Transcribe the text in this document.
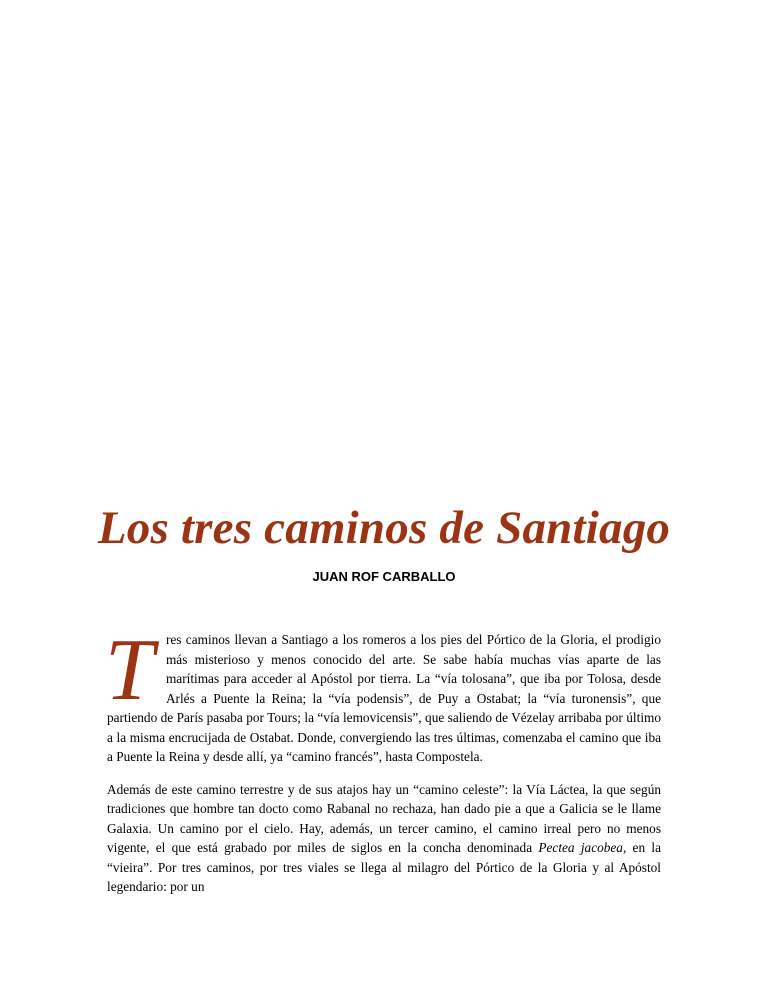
Los tres caminos de Santiago
JUAN ROF CARBALLO

Tres caminos llevan a Santiago a los romeros a los pies del Pórtico de la Gloria, el prodigio más misterioso y menos conocido del arte. Se sabe había muchas vías aparte de las marítimas para acceder al Apóstol por tierra. La “vía tolosana”, que iba por Tolosa, desde Arlés a Puente la Reina; la “vía podensis”, de Puy a Ostabat; la “vía turonensis”, que partiendo de París pasaba por Tours; la “vía lemovicensis”, que saliendo de Vézelay arribaba por último a la misma encrucijada de Ostabat. Donde, convergiendo las tres últimas, comenzaba el camino que iba a Puente la Reina y desde allí, ya “camino francés”, hasta Compostela.

Además de este camino terrestre y de sus atajos hay un “camino celeste”: la Vía Láctea, la que según tradiciones que hombre tan docto como Rabanal no rechaza, han dado pie a que a Galicia se le llame Galaxia. Un camino por el cielo. Hay, además, un tercer camino, el camino irreal pero no menos vigente, el que está grabado por miles de siglos en la concha denominada Pectea jacobea, en la “vieira”. Por tres caminos, por tres viales se llega al milagro del Pórtico de la Gloria y al Apóstol legendario: por un
